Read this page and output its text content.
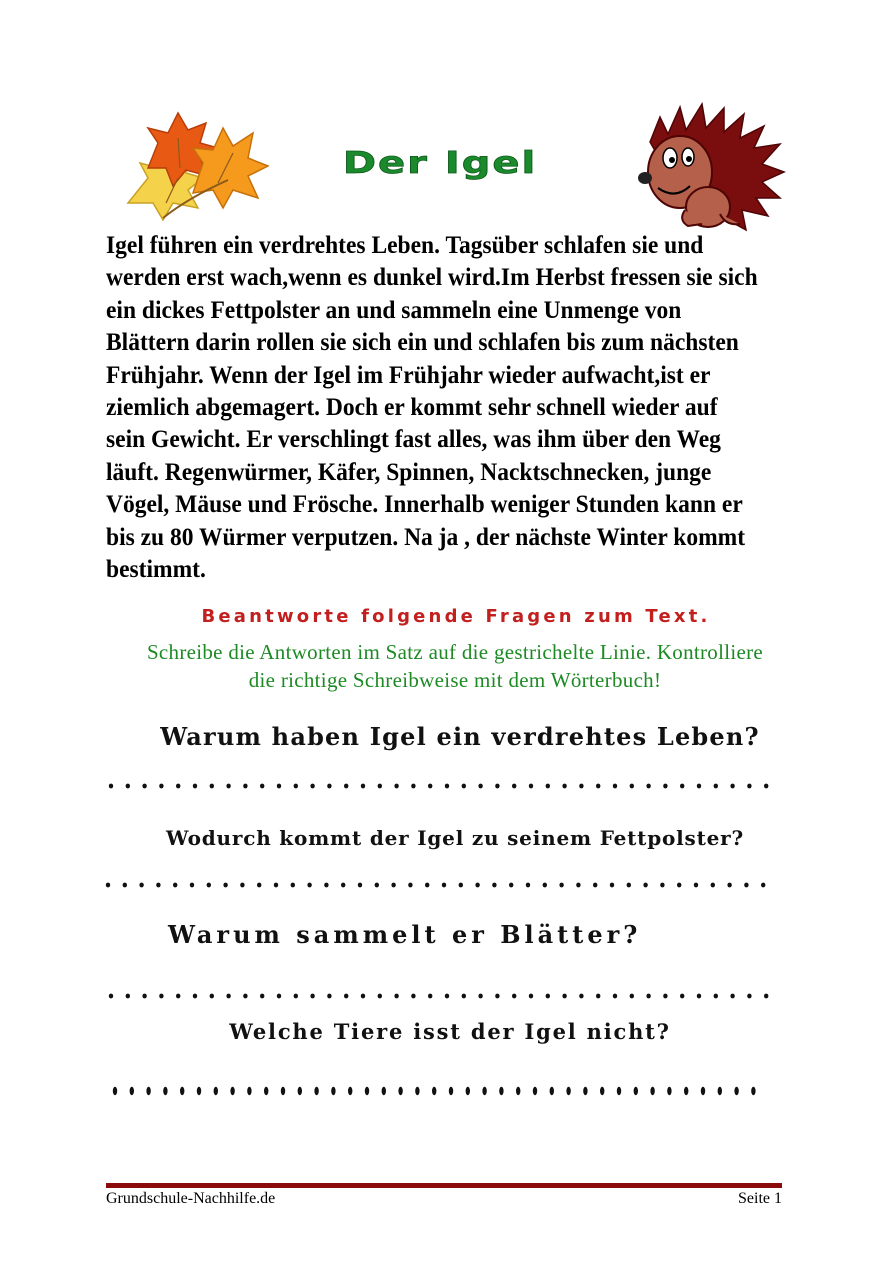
Der Igel
Igel führen ein verdrehtes Leben. Tagsüber schlafen sie und
werden erst wach,wenn es dunkel wird.Im Herbst fressen sie sich
ein dickes Fettpolster an und sammeln eine Unmenge von
Blättern darin rollen sie sich ein und schlafen bis zum nächsten
Frühjahr. Wenn der Igel im Frühjahr wieder aufwacht,ist er
ziemlich abgemagert. Doch er kommt sehr schnell wieder auf
sein Gewicht. Er verschlingt fast alles, was ihm über den Weg
läuft. Regenwürmer, Käfer, Spinnen, Nacktschnecken, junge
Vögel, Mäuse und Frösche. Innerhalb weniger Stunden kann er
bis zu 80 Würmer verputzen. Na ja , der nächste Winter kommt
bestimmt.
Beantworte folgende Fragen zum Text.
Schreibe die Antworten im Satz auf die gestrichelte Linie. Kontrolliere
die richtige Schreibweise mit dem Wörterbuch!
Warum haben Igel ein verdrehtes Leben?
Wodurch kommt der Igel zu seinem Fettpolster?
Warum sammelt er Blätter?
Welche Tiere isst der Igel nicht?
Grundschule-Nachhilfe.de	Seite 1
